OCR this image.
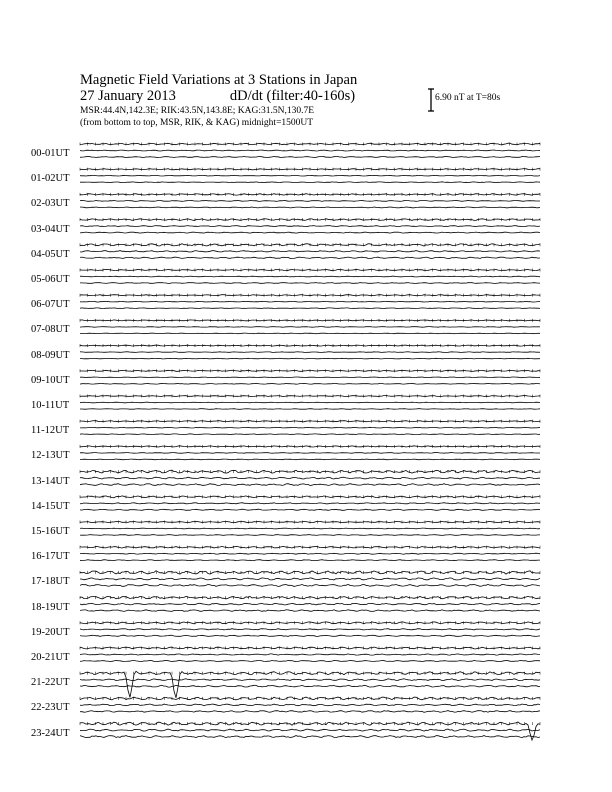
Magnetic Field Variations at 3 Stations in Japan
27 January 2013	dD/dt (filter:40-160s)
MSR:44.4N,142.3E; RIK:43.5N,143.8E; KAG:31.5N,130.7E
(from bottom to top, MSR, RIK, & KAG) midnight=1500UT
6.90 nT at T=80s
00-01UT
01-02UT
02-03UT
03-04UT
04-05UT
05-06UT
06-07UT
07-08UT
08-09UT
09-10UT
10-11UT
11-12UT
12-13UT
13-14UT
14-15UT
15-16UT
16-17UT
17-18UT
18-19UT
19-20UT
20-21UT
21-22UT
22-23UT
23-24UT
